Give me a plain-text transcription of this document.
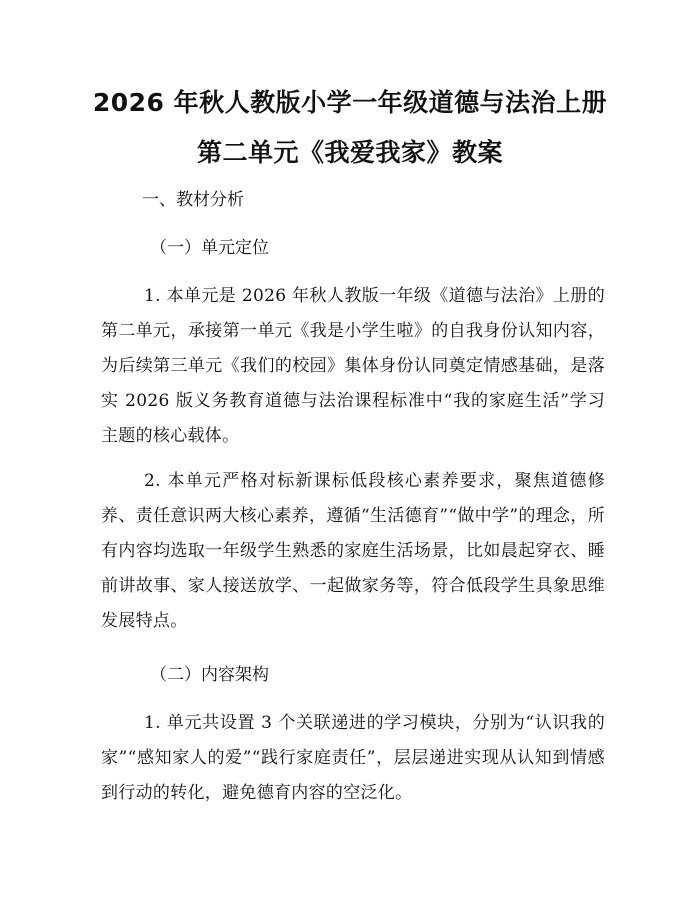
2026 年秋人教版小学一年级道德与法治上册
第二单元《我爱我家》教案
一、教材分析
（一）单元定位
1. 本单元是 2026 年秋人教版一年级《道德与法治》上册的第二单元，承接第一单元《我是小学生啦》的自我身份认知内容，为后续第三单元《我们的校园》集体身份认同奠定情感基础，是落实 2026 版义务教育道德与法治课程标准中“我的家庭生活”学习主题的核心载体。
2. 本单元严格对标新课标低段核心素养要求，聚焦道德修养、责任意识两大核心素养，遵循“生活德育”“做中学”的理念，所有内容均选取一年级学生熟悉的家庭生活场景，比如晨起穿衣、睡前讲故事、家人接送放学、一起做家务等，符合低段学生具象思维发展特点。
（二）内容架构
1. 单元共设置 3 个关联递进的学习模块，分别为“认识我的家”“感知家人的爱”“践行家庭责任”，层层递进实现从认知到情感到行动的转化，避免德育内容的空泛化。
